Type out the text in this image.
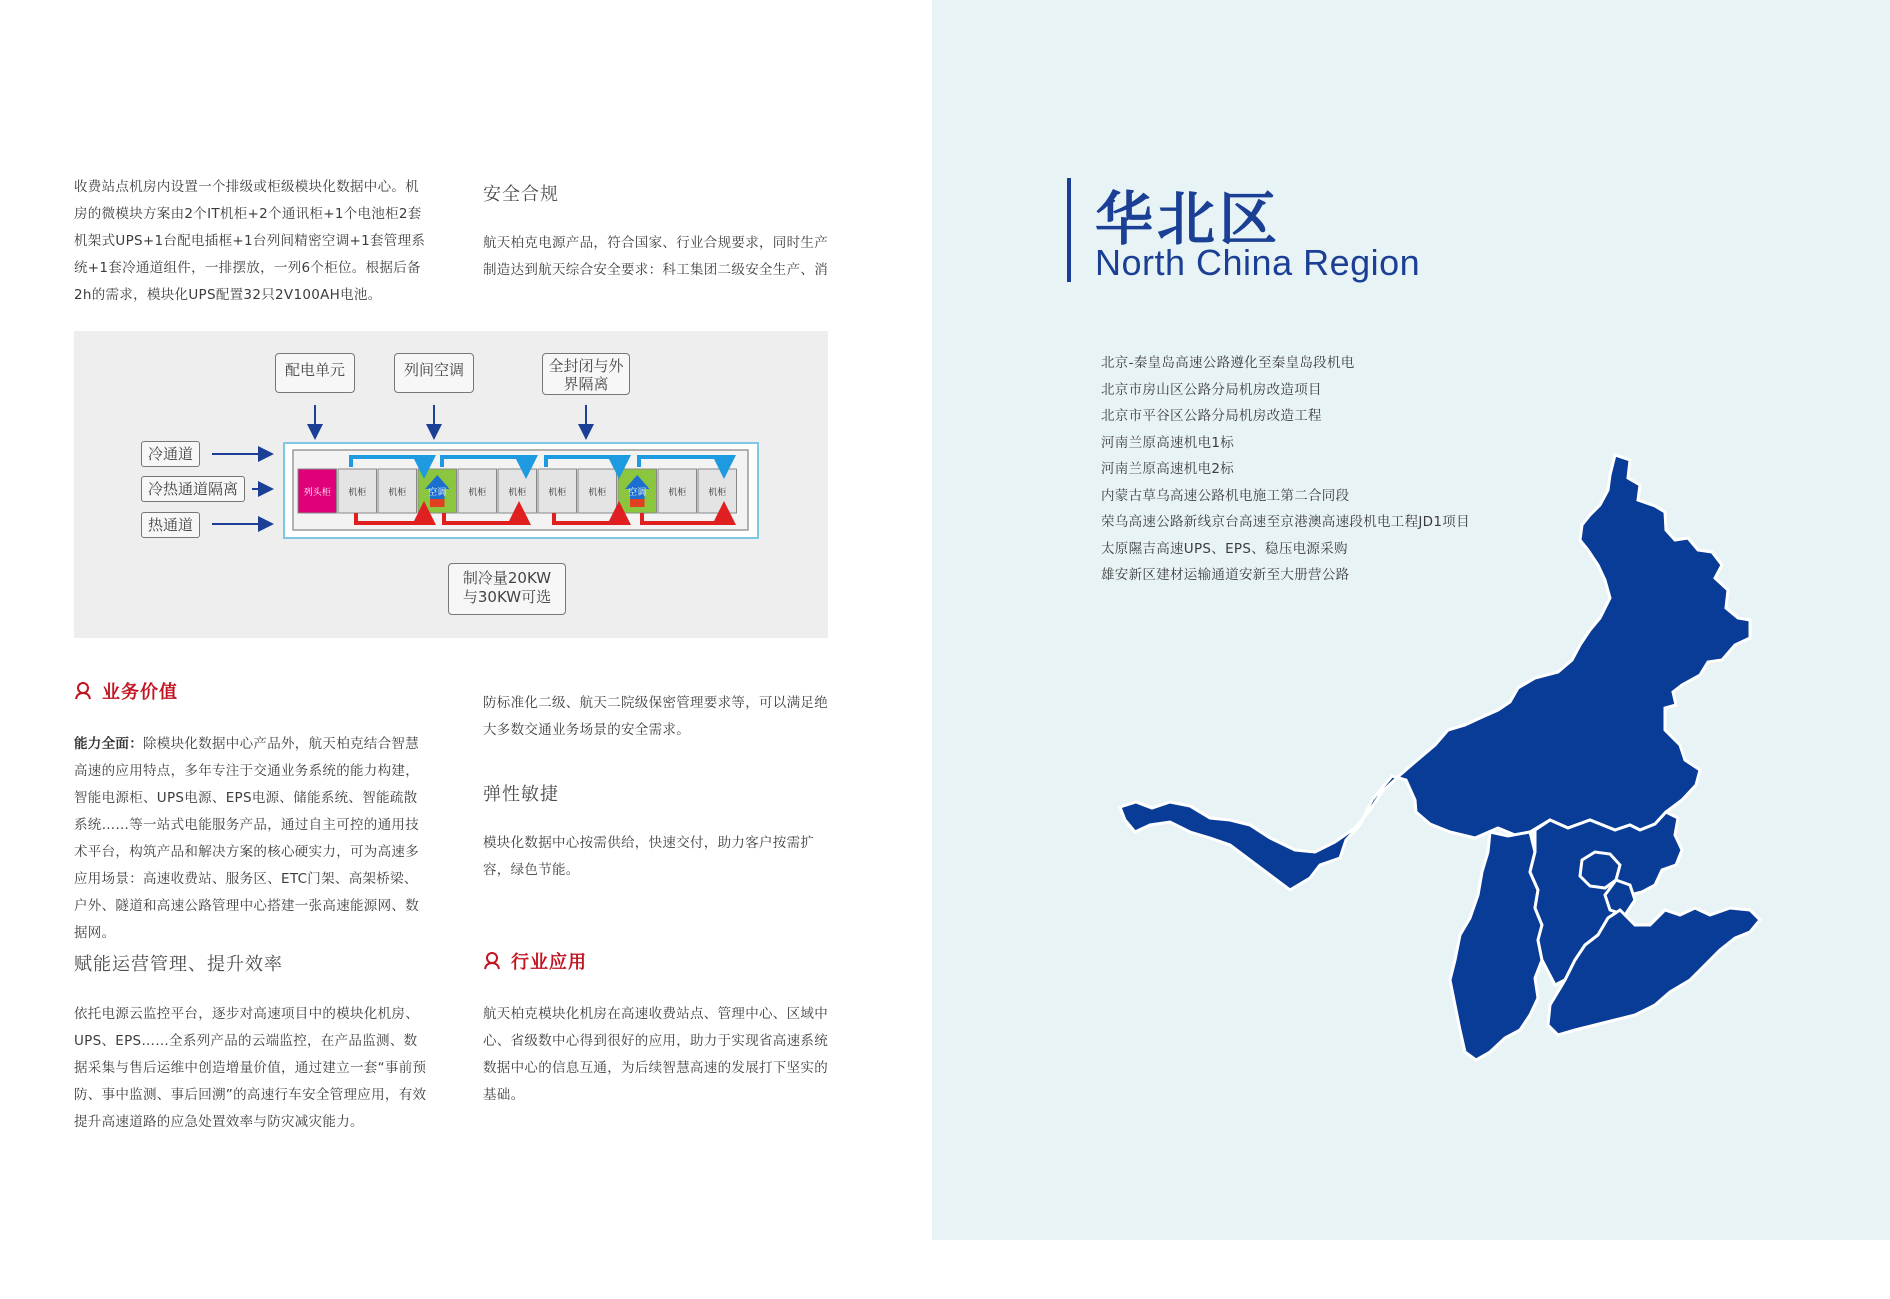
收费站点机房内设置一个排级或柜级模块化数据中心。机房的微模块方案由2个IT机柜+2个通讯柜+1个电池柜2套机架式UPS+1台配电插框+1台列间精密空调+1套管理系统+1套冷通道组件，一排摆放，一列6个柜位。根据后备2h的需求，模块化UPS配置32只2V100AH电池。
安全合规
航天柏克电源产品，符合国家、行业合规要求，同时生产制造达到航天综合安全要求：科工集团二级安全生产、消
配电单元	列间空调	全封闭与外界隔离
冷通道
冷热通道隔离
热通道
列头柜 机柜 机柜 空调 机柜 机柜 机柜 机柜 空调 机柜 机柜
制冷量20KW
与30KW可选
业务价值
能力全面：除模块化数据中心产品外，航天柏克结合智慧高速的应用特点，多年专注于交通业务系统的能力构建，智能电源柜、UPS电源、EPS电源、储能系统、智能疏散系统……等一站式电能服务产品，通过自主可控的通用技术平台，构筑产品和解决方案的核心硬实力，可为高速多应用场景：高速收费站、服务区、ETC门架、高架桥梁、户外、隧道和高速公路管理中心搭建一张高速能源网、数据网。
赋能运营管理、提升效率
依托电源云监控平台，逐步对高速项目中的模块化机房、UPS、EPS……全系列产品的云端监控，在产品监测、数据采集与售后运维中创造增量价值，通过建立一套“事前预防、事中监测、事后回溯”的高速行车安全管理应用，有效提升高速道路的应急处置效率与防灾减灾能力。
防标准化二级、航天二院级保密管理要求等，可以满足绝大多数交通业务场景的安全需求。
弹性敏捷
模块化数据中心按需供给，快速交付，助力客户按需扩容，绿色节能。
行业应用
航天柏克模块化机房在高速收费站点、管理中心、区域中心、省级数中心得到很好的应用，助力于实现省高速系统数据中心的信息互通，为后续智慧高速的发展打下坚实的基础。
华北区
North China Region
北京-秦皇岛高速公路遵化至秦皇岛段机电
北京市房山区公路分局机房改造项目
北京市平谷区公路分局机房改造工程
河南兰原高速机电1标
河南兰原高速机电2标
内蒙古草乌高速公路机电施工第二合同段
荣乌高速公路新线京台高速至京港澳高速段机电工程JD1项目
太原隰吉高速UPS、EPS、稳压电源采购
雄安新区建材运输通道安新至大册营公路
